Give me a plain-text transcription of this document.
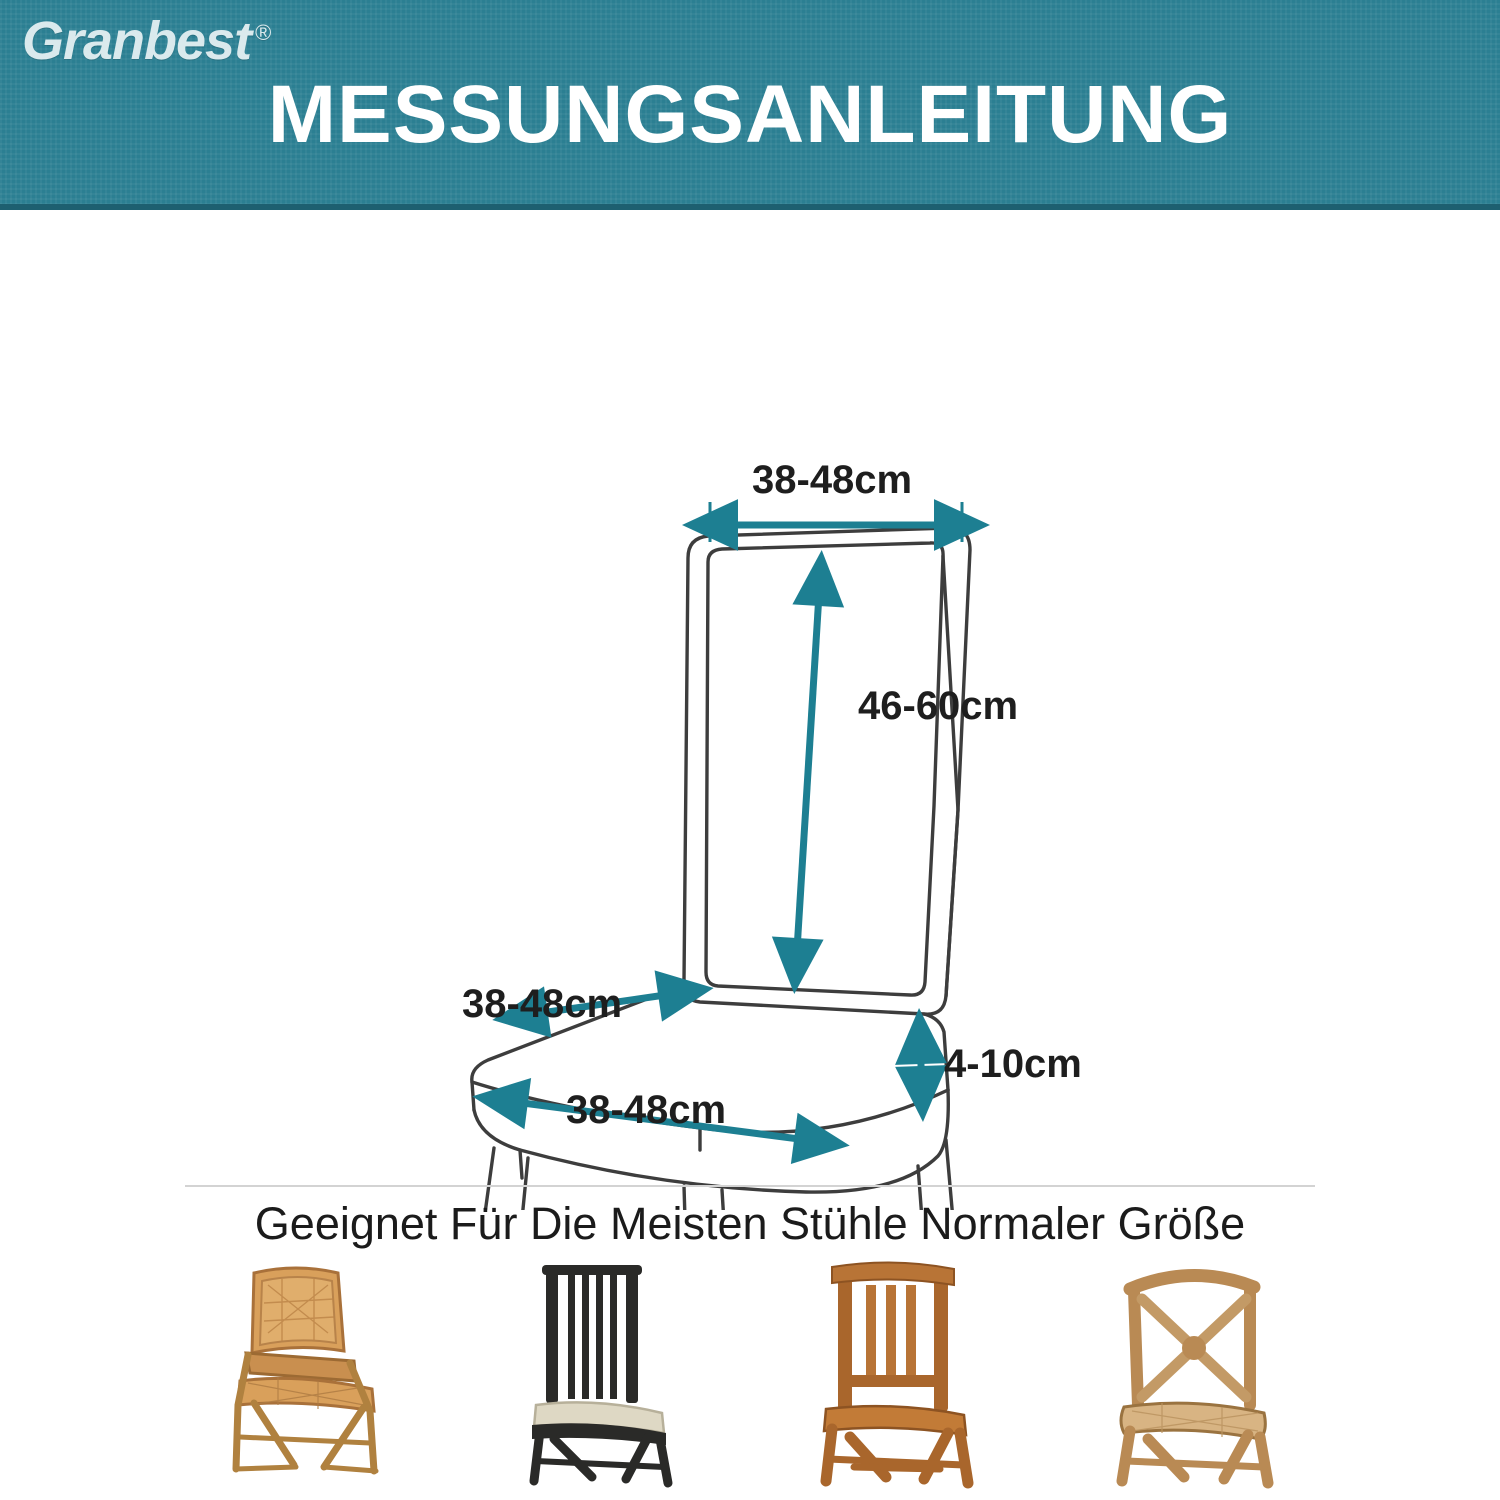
Granbest ®
MESSUNGSANLEITUNG
38-48cm
46-60cm
38-48cm
4-10cm
38-48cm
Geeignet Für Die Meisten Stühle Normaler Größe
